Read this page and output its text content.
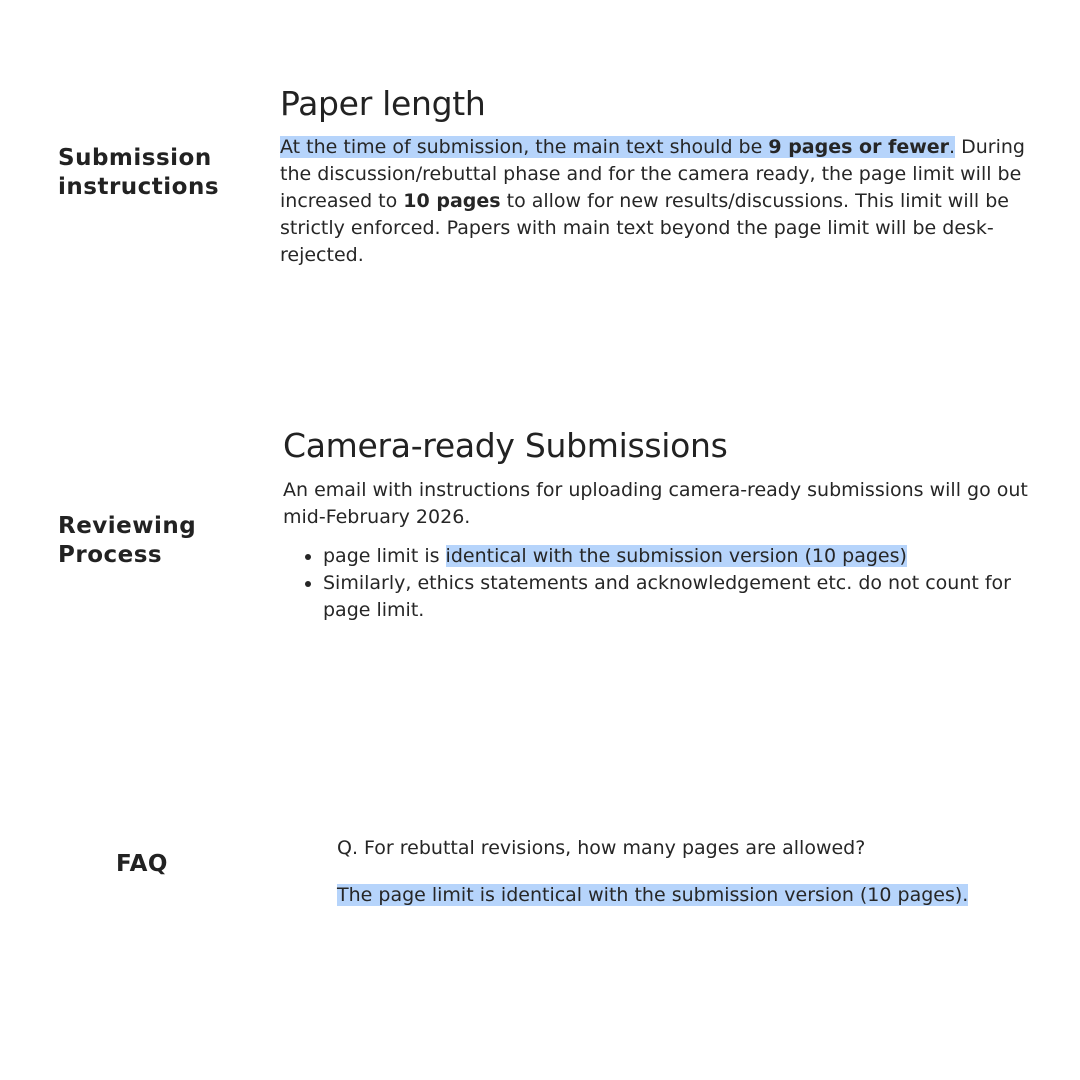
Submission
instructions
Paper length

At the time of submission, the main text should be 9 pages or fewer. During the discussion/rebuttal phase and for the camera ready, the page limit will be increased to 10 pages to allow for new results/discussions. This limit will be strictly enforced. Papers with main text beyond the page limit will be desk-rejected.

Reviewing
Process
Camera-ready Submissions

An email with instructions for uploading camera-ready submissions will go out mid-February 2026.

• page limit is identical with the submission version (10 pages)
• Similarly, ethics statements and acknowledgement etc. do not count for page limit.
FAQ
Q. For rebuttal revisions, how many pages are allowed?
The page limit is identical with the submission version (10 pages).
